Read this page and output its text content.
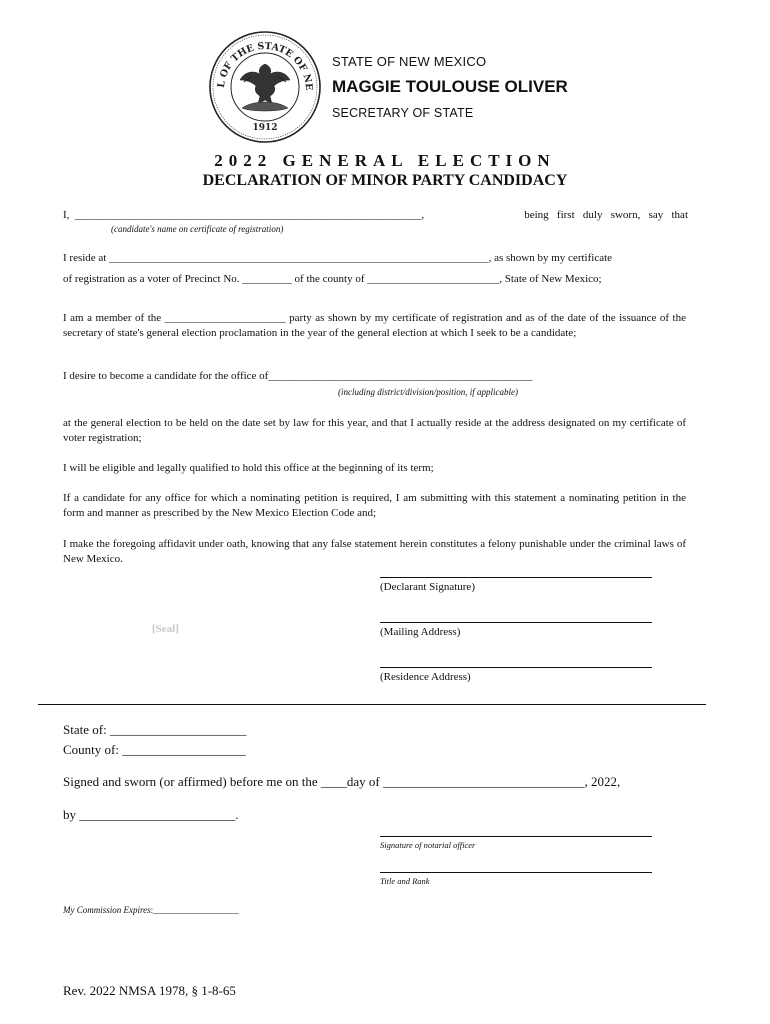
L OF THE STATE OF NE
1912
STATE OF NEW MEXICO
MAGGIE TOULOUSE OLIVER
SECRETARY OF STATE
2022 GENERAL ELECTION
DECLARATION OF MINOR PARTY CANDIDACY
I,  _______________________________________________________________,	being   first   duly   sworn,   say   that
(candidate's name on certificate of registration)
I reside at _____________________________________________________________________, as shown by my certificate
of registration as a voter of Precinct No. _________ of the county of ________________________, State of New Mexico;
I am a member of the ______________________ party as shown by my certificate of registration and as of the date of the issuance of the secretary of state's general election proclamation in the year of the general election at which I seek to be a candidate;
I desire to become a candidate for the office of________________________________________________
(including district/division/position, if applicable)
at the general election to be held on the date set by law for this year, and that I actually reside at the address designated on my certificate of voter registration;
I will be eligible and legally qualified to hold this office at the beginning of its term;
If a candidate for any office for which a nominating petition is required, I am submitting with this statement a nominating petition in the form and manner as prescribed by the New Mexico Election Code and;
I make the foregoing affidavit under oath, knowing that any false statement herein constitutes a felony punishable under the criminal laws of New Mexico.
(Declarant Signature)
[Seal]	(Mailing Address)
(Residence Address)
State of: _____________________
County of: ___________________
Signed and sworn (or affirmed) before me on the ____day of _______________________________, 2022,
by ________________________.
Signature of notarial officer
Title and Rank
My Commission Expires:___________________
Rev. 2022 NMSA 1978, § 1-8-65
